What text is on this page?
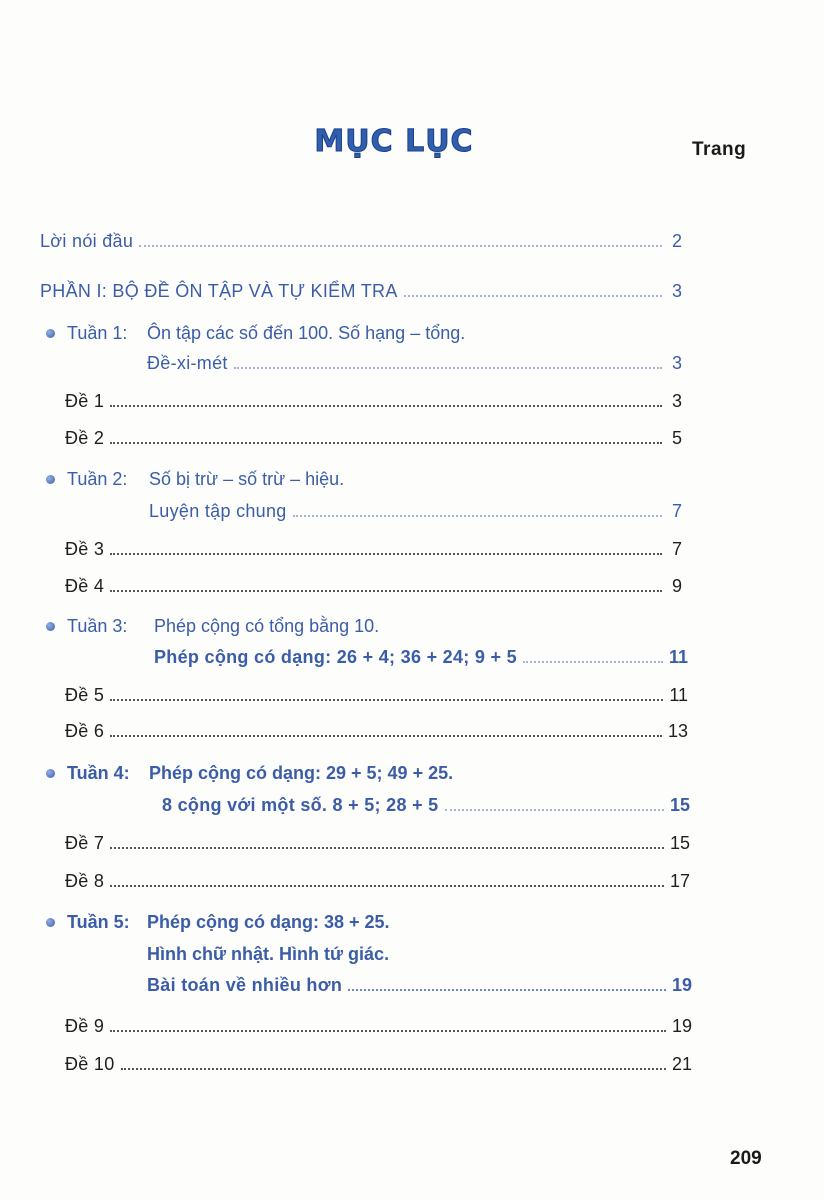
MỤC LỤC	Trang
Lời nói đầu	2
PHẦN I: BỘ ĐỀ ÔN TẬP VÀ TỰ KIỂM TRA	3
Tuần 1: Ôn tập các số đến 100. Số hạng – tổng.
Đề-xi-mét	3
Đề 1	3
Đề 2	5
Tuần 2: Số bị trừ – số trừ – hiệu.
Luyện tập chung	7
Đề 3	7
Đề 4	9
Tuần 3: Phép cộng có tổng bằng 10.
Phép cộng có dạng: 26 + 4; 36 + 24; 9 + 5	11
Đề 5	11
Đề 6	13
Tuần 4: Phép cộng có dạng: 29 + 5; 49 + 25.
8 cộng với một số. 8 + 5; 28 + 5	15
Đề 7	15
Đề 8	17
Tuần 5: Phép cộng có dạng: 38 + 25.
Hình chữ nhật. Hình tứ giác.
Bài toán về nhiều hơn	19
Đề 9	19
Đề 10	21
209
